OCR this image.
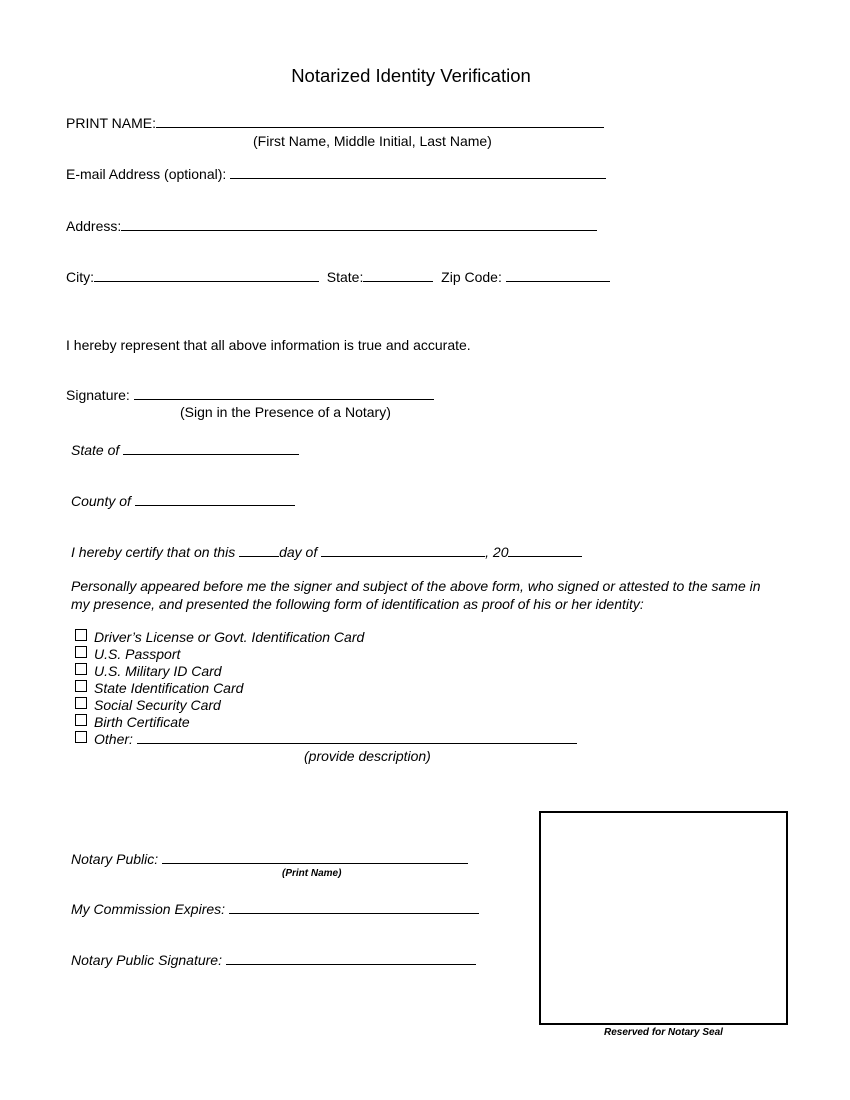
Notarized Identity Verification
PRINT NAME:
(First Name, Middle Initial, Last Name)
E-mail Address (optional):
Address:
City:	State:	Zip Code:
I hereby represent that all above information is true and accurate.
Signature:
(Sign in the Presence of a Notary)
State of
County of
I hereby certify that on this	day of	, 20
Personally appeared before me the signer and subject of the above form, who signed or attested to the same in my presence, and presented the following form of identification as proof of his or her identity:
Driver’s License or Govt. Identification Card
U.S. Passport
U.S. Military ID Card
State Identification Card
Social Security Card
Birth Certificate
Other:
(provide description)
Notary Public:
(Print Name)
My Commission Expires:
Notary Public Signature:
Reserved for Notary Seal
